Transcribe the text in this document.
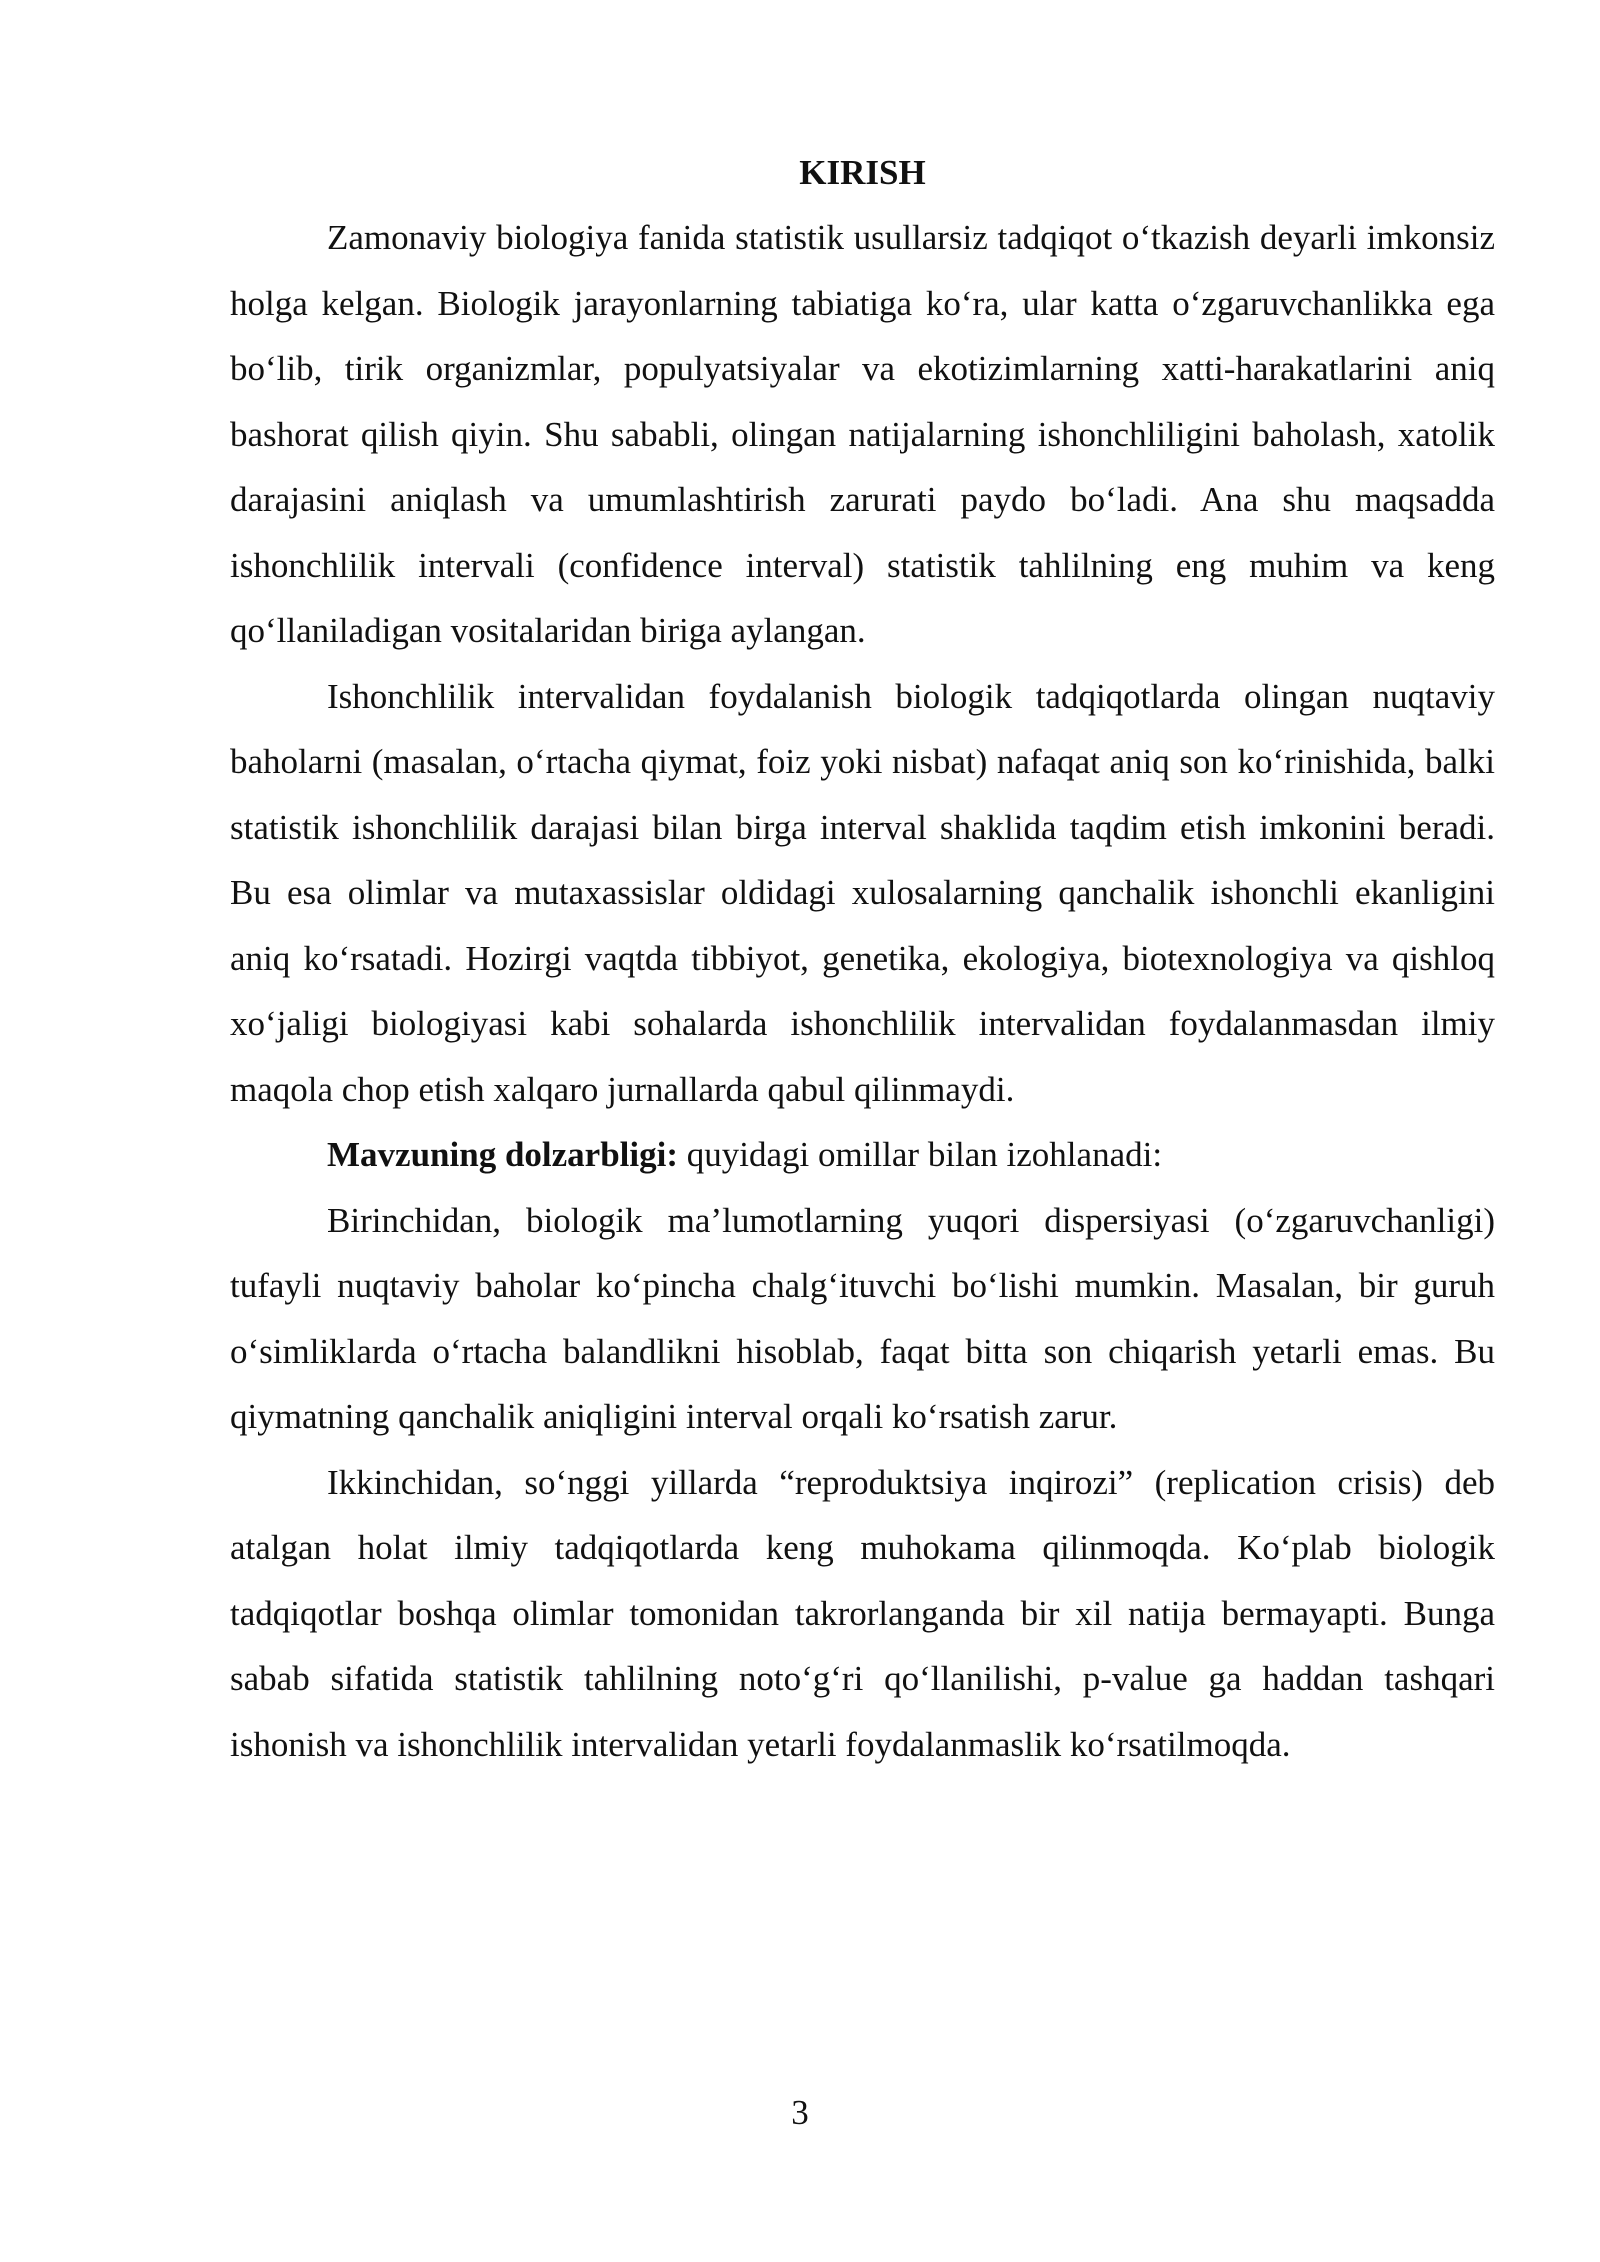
KIRISH

Zamonaviy biologiya fanida statistik usullarsiz tadqiqot o‘tkazish deyarli imkonsiz holga kelgan. Biologik jarayonlarning tabiatiga ko‘ra, ular katta o‘zgaruvchanlikka ega bo‘lib, tirik organizmlar, populyatsiyalar va ekotizimlarning xatti-harakatlarini aniq bashorat qilish qiyin. Shu sababli, olingan natijalarning ishonchliligini baholash, xatolik darajasini aniqlash va umumlashtirish zarurati paydo bo‘ladi. Ana shu maqsadda ishonchlilik intervali (confidence interval) statistik tahlilning eng muhim va keng qo‘llaniladigan vositalaridan biriga aylangan.

Ishonchlilik intervalidan foydalanish biologik tadqiqotlarda olingan nuqtaviy baholarni (masalan, o‘rtacha qiymat, foiz yoki nisbat) nafaqat aniq son ko‘rinishida, balki statistik ishonchlilik darajasi bilan birga interval shaklida taqdim etish imkonini beradi. Bu esa olimlar va mutaxassislar oldidagi xulosalarning qanchalik ishonchli ekanligini aniq ko‘rsatadi. Hozirgi vaqtda tibbiyot, genetika, ekologiya, biotexnologiya va qishloq xo‘jaligi biologiyasi kabi sohalarda ishonchlilik intervalidan foydalanmasdan ilmiy maqola chop etish xalqaro jurnallarda qabul qilinmaydi.

Mavzuning dolzarbligi: quyidagi omillar bilan izohlanadi:

Birinchidan, biologik ma’lumotlarning yuqori dispersiyasi (o‘zgaruvchanligi) tufayli nuqtaviy baholar ko‘pincha chalg‘ituvchi bo‘lishi mumkin. Masalan, bir guruh o‘simliklarda o‘rtacha balandlikni hisoblab, faqat bitta son chiqarish yetarli emas. Bu qiymatning qanchalik aniqligini interval orqali ko‘rsatish zarur.

Ikkinchidan, so‘nggi yillarda “reproduktsiya inqirozi” (replication crisis) deb atalgan holat ilmiy tadqiqotlarda keng muhokama qilinmoqda. Ko‘plab biologik tadqiqotlar boshqa olimlar tomonidan takrorlanganda bir xil natija bermayapti. Bunga sabab sifatida statistik tahlilning noto‘g‘ri qo‘llanilishi, p-value ga haddan tashqari ishonish va ishonchlilik intervalidan yetarli foydalanmaslik ko‘rsatilmoqda.

3
